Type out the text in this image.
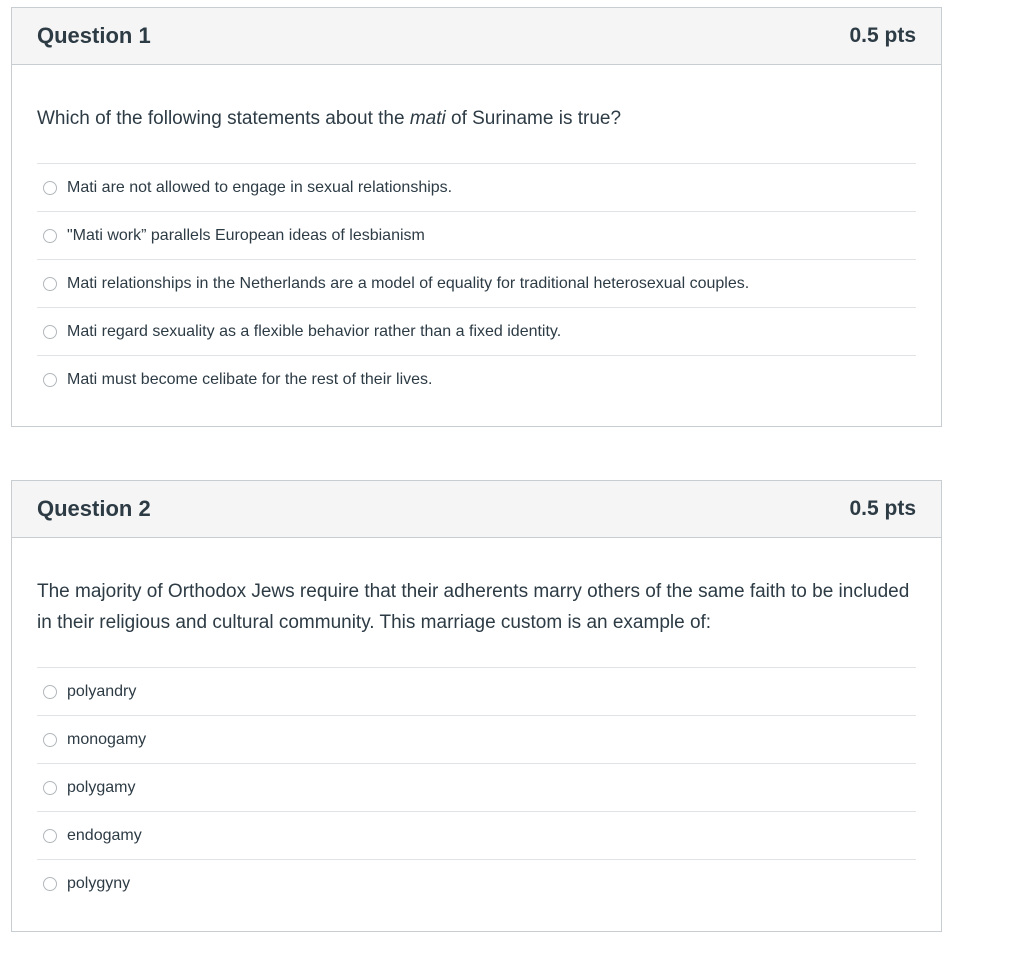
Question 1	0.5 pts
Which of the following statements about the mati of Suriname is true?
Mati are not allowed to engage in sexual relationships.
"Mati work” parallels European ideas of lesbianism
Mati relationships in the Netherlands are a model of equality for traditional heterosexual couples.
Mati regard sexuality as a flexible behavior rather than a fixed identity.
Mati must become celibate for the rest of their lives.
Question 2	0.5 pts
The majority of Orthodox Jews require that their adherents marry others of the same faith to be included in their religious and cultural community. This marriage custom is an example of:
polyandry
monogamy
polygamy
endogamy
polygyny
